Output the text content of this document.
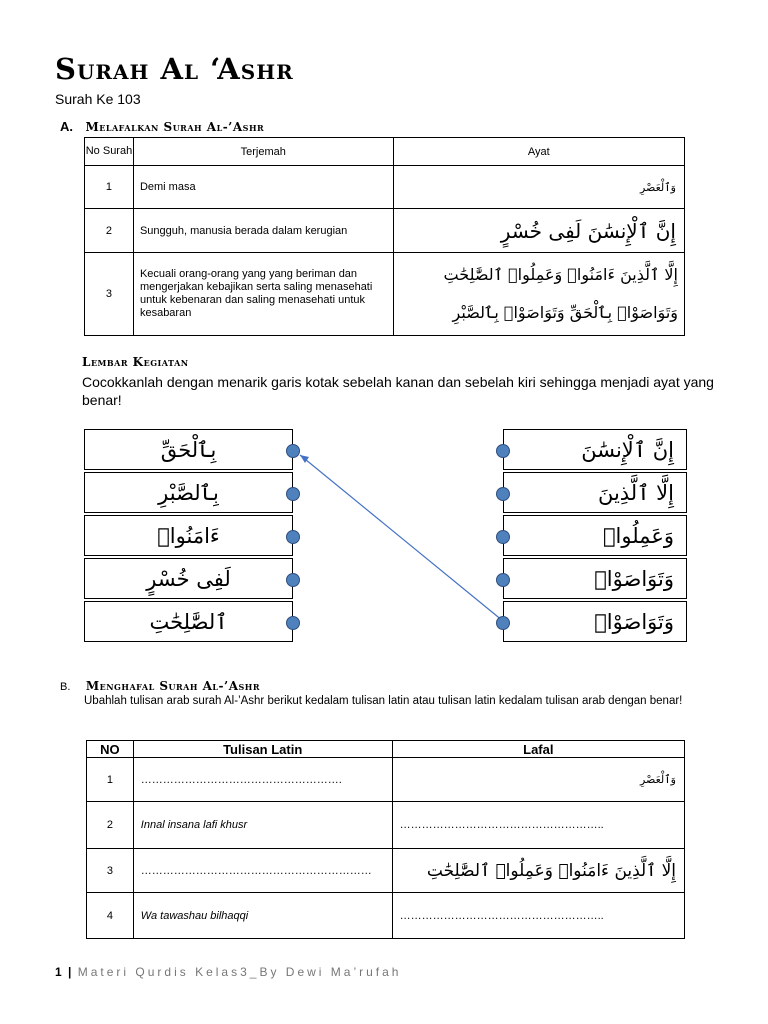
Surah Al ‘Ashr
Surah Ke 103
A. Melafalkan Surah Al-’Ashr
No Surah	Terjemah	Ayat
1	Demi masa	وَٱلْعَصْرِ
2	Sungguh, manusia berada dalam kerugian	إِنَّ ٱلْإِنسَٰنَ لَفِى خُسْرٍ
3	Kecuali orang-orang yang yang beriman dan mengerjakan kebajikan serta saling menasehati untuk kebenaran dan saling menasehati untuk kesabaran	إِلَّا ٱلَّذِينَ ءَامَنُوا۟ وَعَمِلُوا۟ ٱلصَّٰلِحَٰتِ
وَتَوَاصَوْا۟ بِٱلْحَقِّ وَتَوَاصَوْا۟ بِٱلصَّبْرِ
Lembar Kegiatan
Cocokkanlah dengan menarik garis kotak sebelah kanan dan sebelah kiri sehingga menjadi ayat yang benar!
بِٱلْحَقِّ
بِٱلصَّبْرِ
ءَامَنُوا۟
لَفِى خُسْرٍ
ٱلصَّٰلِحَٰتِ
إِنَّ ٱلْإِنسَٰنَ
إِلَّا ٱلَّذِينَ
وَعَمِلُوا۟
وَتَوَاصَوْا۟
وَتَوَاصَوْا۟
B. Menghafal Surah Al-’Ashr
Ubahlah tulisan arab surah Al-’Ashr berikut kedalam tulisan latin atau tulisan latin kedalam tulisan arab dengan benar!
NO	Tulisan Latin	Lafal
1	……………………………………………….	وَٱلْعَصْرِ
2	Innal insana lafi khusr	………………………………………………..
3	………………………………………………………	إِلَّا ٱلَّذِينَ ءَامَنُوا۟ وَعَمِلُوا۟ ٱلصَّٰلِحَٰتِ
4	Wa tawashau bilhaqqi	………………………………………………..
1 | Materi Qurdis Kelas3_By Dewi Ma’rufah
